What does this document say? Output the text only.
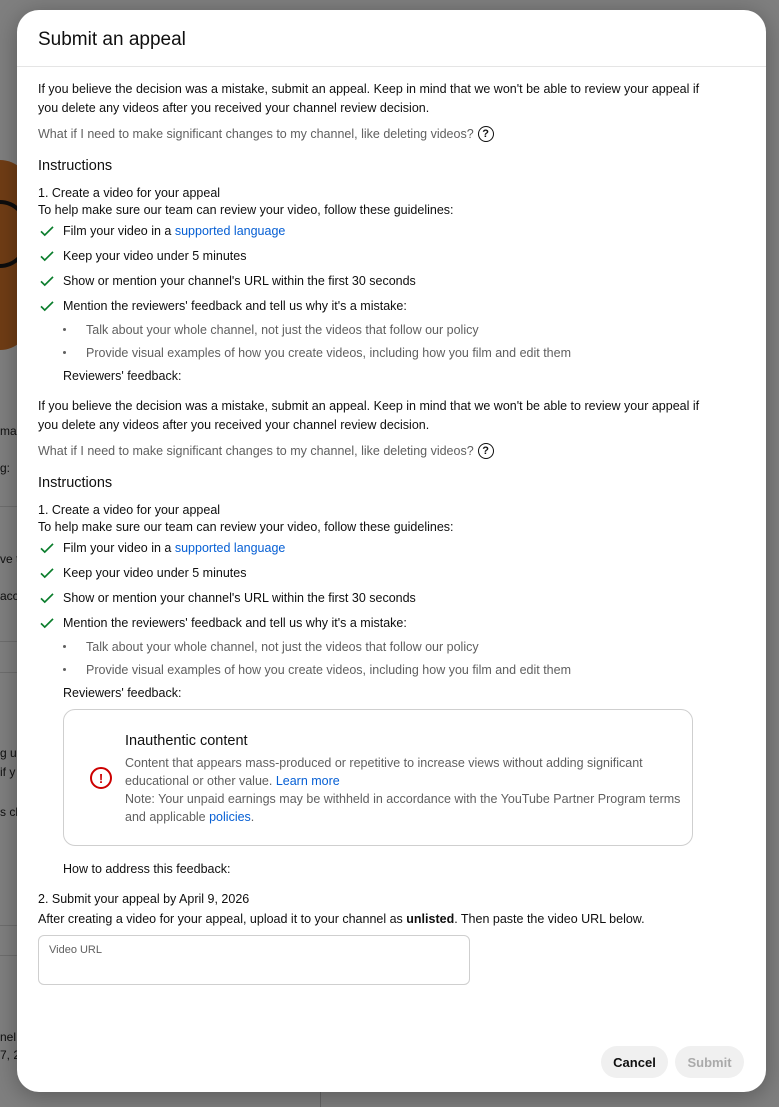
Submit an appeal

If you believe the decision was a mistake, submit an appeal. Keep in mind that we won't be able to review your appeal if
you delete any videos after you received your channel review decision.

What if I need to make significant changes to my channel, like deleting videos? ?
Instructions

1. Create a video for your appeal

To help make sure our team can review your video, follow these guidelines:

Film your video in a supported language
Keep your video under 5 minutes
Show or mention your channel's URL within the first 30 seconds
Mention the reviewers' feedback and tell us why it's a mistake:
Talk about your whole channel, not just the videos that follow our policy
Provide visual examples of how you create videos, including how you film and edit them
Reviewers' feedback:

If you believe the decision was a mistake, submit an appeal. Keep in mind that we won't be able to review your appeal if
you delete any videos after you received your channel review decision.

What if I need to make significant changes to my channel, like deleting videos? ?
Instructions

1. Create a video for your appeal

To help make sure our team can review your video, follow these guidelines:

Film your video in a supported language
Keep your video under 5 minutes
Show or mention your channel's URL within the first 30 seconds
Mention the reviewers' feedback and tell us why it's a mistake:
Talk about your whole channel, not just the videos that follow our policy
Provide visual examples of how you create videos, including how you film and edit them
Reviewers' feedback:
!
Inauthentic content
Content that appears mass-produced or repetitive to increase views without adding significant educational or other value. Learn more
Note: Your unpaid earnings may be withheld in accordance with the YouTube Partner Program terms and applicable policies.
How to address this feedback:

2. Submit your appeal by April 9, 2026

After creating a video for your appeal, upload it to your channel as unlisted. Then paste the video URL below.

Video URL
Cancel	Submit
